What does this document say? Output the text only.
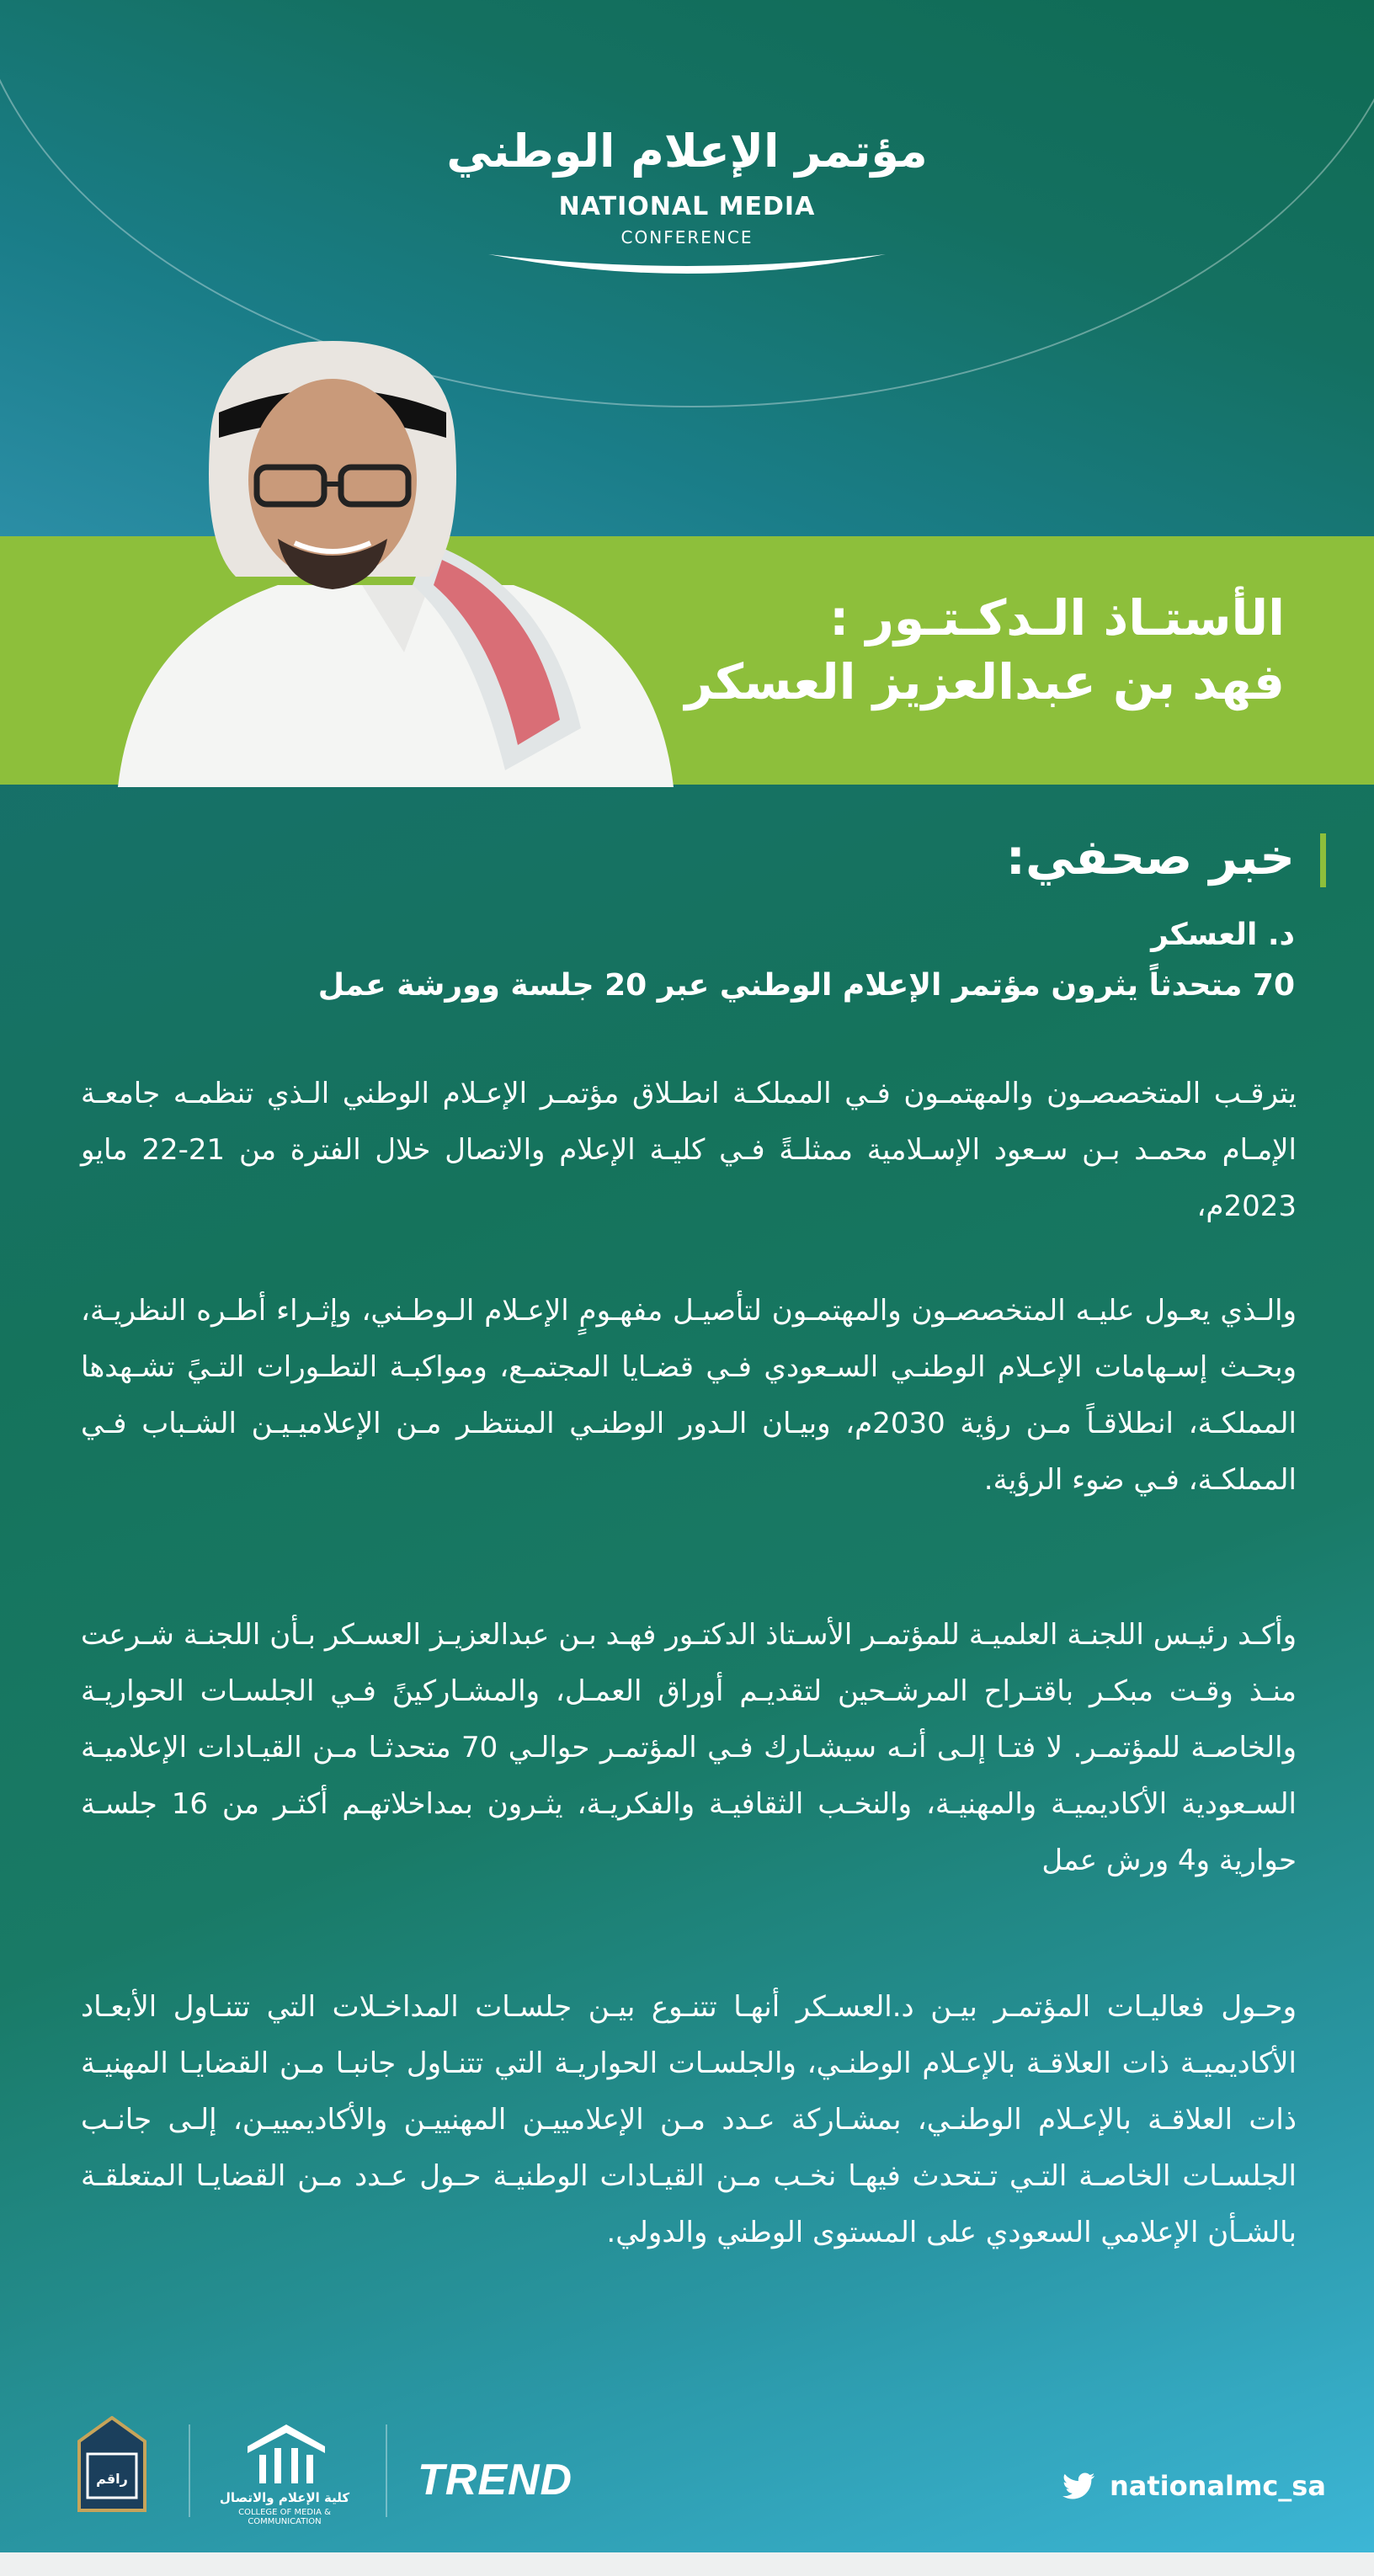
مؤتمر الإعلام الوطني
NATIONAL MEDIA
CONFERENCE
الأستـاذ الـدكـتـور :
فهد بن عبدالعزيز العسكر
خبر صحفي:
د. العسكر
70 متحدثاً يثرون مؤتمر الإعلام الوطني عبر 20 جلسة وورشة عمل
يترقـب المتخصصـون والمهتمـون فـي المملكـة انطـلاق مؤتمـر الإعـلام الوطني الـذي تنظمـه جامعـة الإمـام محمـد بـن سـعود الإسـلامية ممثلـةً فـي كليـة الإعلام والاتصال خلال الفترة من 21-22 مايو 2023م،
والـذي يعـول عليـه المتخصصـون والمهتمـون لتأصيـل مفهـومٍ الإعـلام الـوطـني، وإثـراء أطـره النظريـة، وبحـث إسـهامات الإعـلام الوطنـي السـعودي فـي قضـايا المجتمـع، ومواكبـة التطـورات التـيً تشـهدها المملكـة، انطلاقـاً مـن رؤية 2030م، وبيـان الـدور الوطنـي المنتظـر مـن الإعلاميـيـن الشـباب فـي المملكـة، فـي ضوء الرؤية.
وأكـد رئيـس اللجنـة العلميـة للمؤتمـر الأسـتاذ الدكتـور فهـد بـن عبدالعزيـز العسـكر بـأن اللجنـة شـرعت منـذ وقـت مبكـر باقتـراح المرشـحين لتقديـم أوراق العمـل، والمشـاركينً فـي الجلسـات الحواريـة والخاصـة للمؤتمـر. لا فتـا إلـى أنـه سيشـارك فـي المؤتمـر حوالـي 70 متحدثـا مـن القيـادات الإعلاميـة السـعودية الأكاديميـة والمهنيـة، والنخـب الثقافيـة والفكريـة، يثـرون بمداخلاتهـم أكثـر من 16 جلسـة حوارية و4 ورش عمل
وحـول فعاليـات المؤتمـر بيـن د.العسـكر أنهـا تتنـوع بيـن جلسـات المداخـلات التي تتنـاول الأبعـاد الأكاديميـة ذات العلاقـة بالإعـلام الوطنـي، والجلسـات الحواريـة التي تتنـاول جانبـا مـن القضايـا المهنيـة ذات العلاقـة بالإعـلام الوطنـي، بمشـاركة عـدد مـن الإعلامييـن المهنييـن والأكاديمييـن، إلـى جانـب الجلسـات الخاصـة التـي تـتحدث فيهـا نخـب مـن القيـادات الوطنيـة حـول عـدد مـن القضايـا المتعلقـة بالشـأن الإعلامي السعودي على المستوى الوطني والدولي.
راقم
كلية الإعلام والاتصال
COLLEGE OF MEDIA & COMMUNICATION
TREND	nationalmc_sa
